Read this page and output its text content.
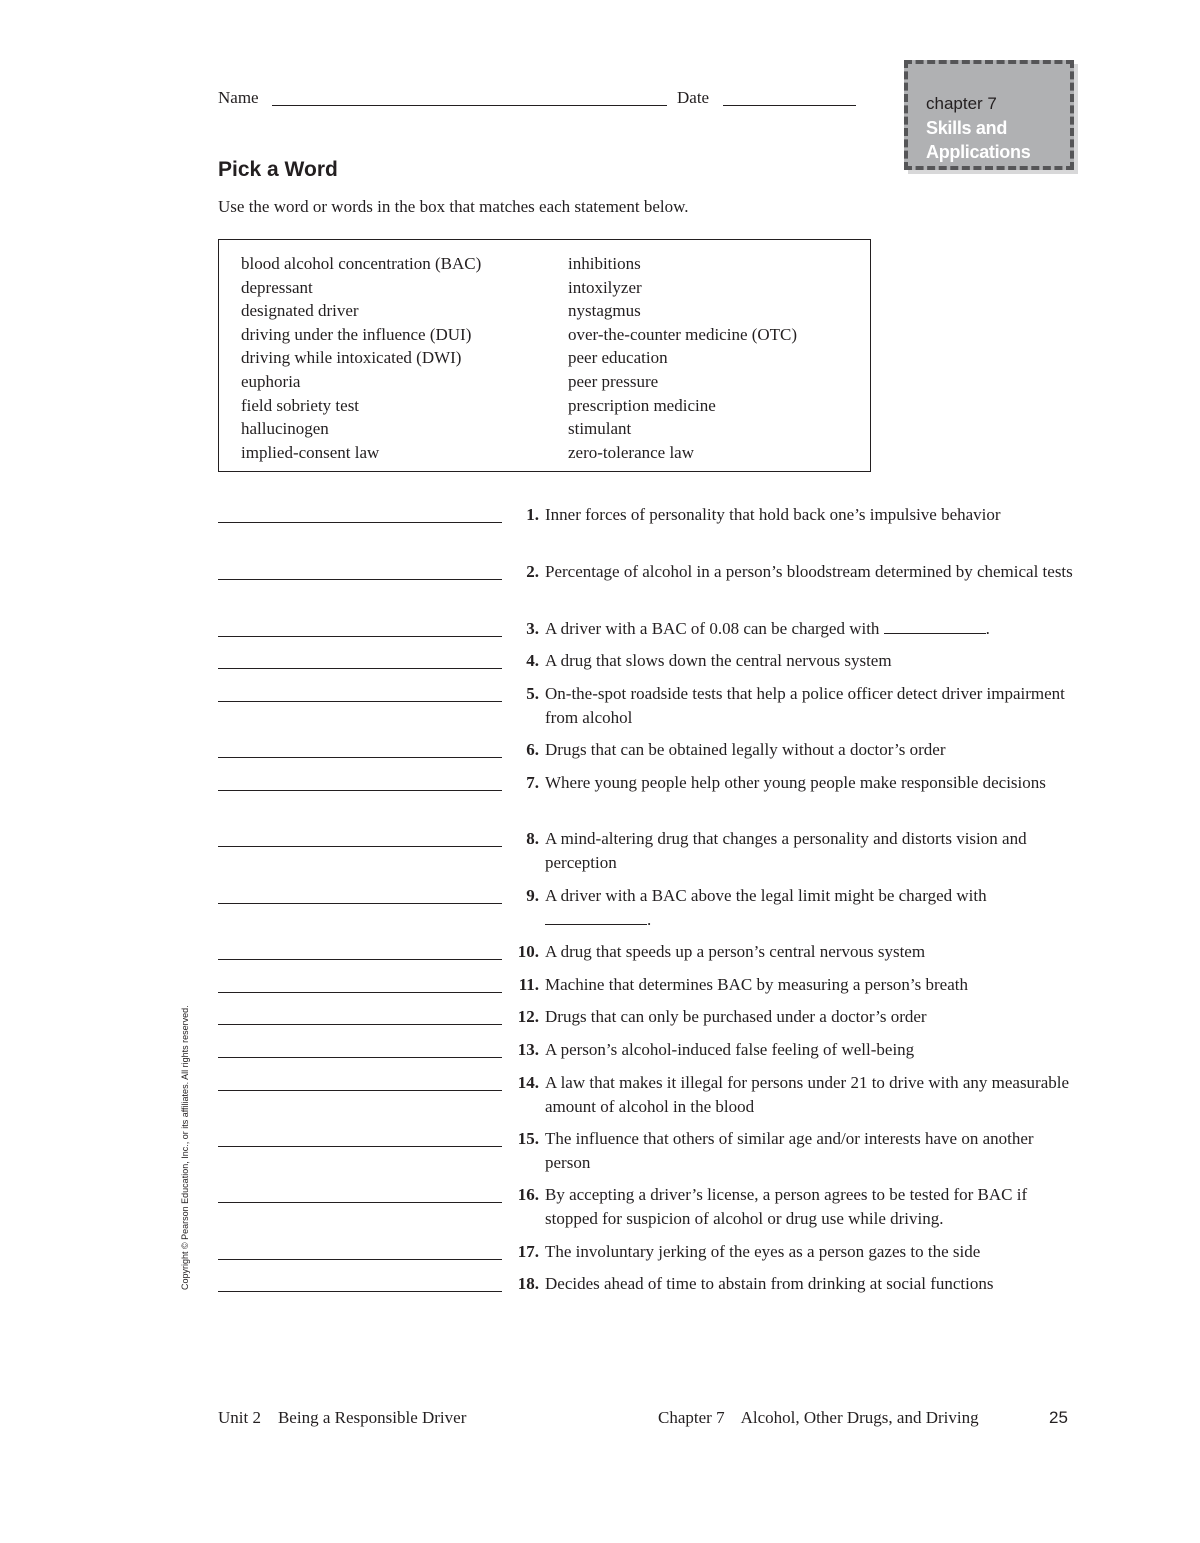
Name	Date	chapter 7
Skills and
Applications
Pick a Word

Use the word or words in the box that matches each statement below.

blood alcohol concentration (BAC)
depressant
designated driver
driving under the influence (DUI)
driving while intoxicated (DWI)
euphoria
field sobriety test
hallucinogen
implied-consent law
inhibitions
intoxilyzer
nystagmus
over-the-counter medicine (OTC)
peer education
peer pressure
prescription medicine
stimulant
zero-tolerance law
1. Inner forces of personality that hold back one’s impulsive behavior
2. Percentage of alcohol in a person’s bloodstream determined by chemical tests
3. A driver with a BAC of 0.08 can be charged with	.
4. A drug that slows down the central nervous system
5. On-the-spot roadside tests that help a police officer detect driver impairment from alcohol
6. Drugs that can be obtained legally without a doctor’s order
7. Where young people help other young people make responsible decisions
8. A mind-altering drug that changes a personality and distorts vision and perception
9. A driver with a BAC above the legal limit might be charged with .
10. A drug that speeds up a person’s central nervous system
11. Machine that determines BAC by measuring a person’s breath
12. Drugs that can only be purchased under a doctor’s order
13. A person’s alcohol-induced false feeling of well-being
14. A law that makes it illegal for persons under 21 to drive with any measurable amount of alcohol in the blood
15. The influence that others of similar age and/or interests have on another person
16. By accepting a driver’s license, a person agrees to be tested for BAC if stopped for suspicion of alcohol or drug use while driving.
17. The involuntary jerking of the eyes as a person gazes to the side
18. Decides ahead of time to abstain from drinking at social functions
Copyright © Pearson Education, Inc., or its affiliates. All rights reserved.
Unit 2    Being a Responsible Driver	Chapter 7    Alcohol, Other Drugs, and Driving	25
